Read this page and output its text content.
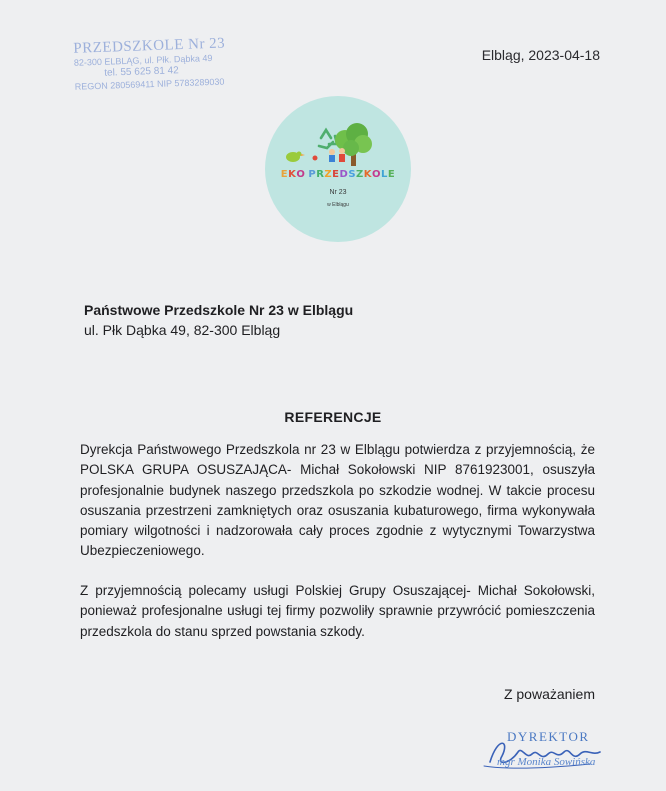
PRZEDSZKOLE Nr 23
82-300 ELBLĄG, ul. Płk. Dąbka 49
tel. 55 625 81 42
REGON 280569411 NIP 5783289030
Elbląg, 2023-04-18
EKO PRZEDSZKOLE
Nr 23
w Elblągu
Państwowe Przedszkole Nr 23 w Elblągu
ul. Płk Dąbka 49, 82-300 Elbląg
REFERENCJE

Dyrekcja Państwowego Przedszkola nr 23 w Elblągu potwierdza z przyjemnością, że POLSKA GRUPA OSUSZAJĄCA- Michał Sokołowski NIP 8761923001, osuszyła profesjonalnie budynek naszego przedszkola po szkodzie wodnej. W takcie procesu osuszania przestrzeni zamkniętych oraz osuszania kubaturowego, firma wykonywała pomiary wilgotności i nadzorowała cały proces zgodnie z wytycznymi Towarzystwa Ubezpieczeniowego.

Z przyjemnością polecamy usługi Polskiej Grupy Osuszającej- Michał Sokołowski, ponieważ profesjonalne usługi tej firmy pozwoliły sprawnie przywrócić pomieszczenia przedszkola do stanu sprzed powstania szkody.

Z poważaniem
DYREKTOR
mgr Monika Sowińska
